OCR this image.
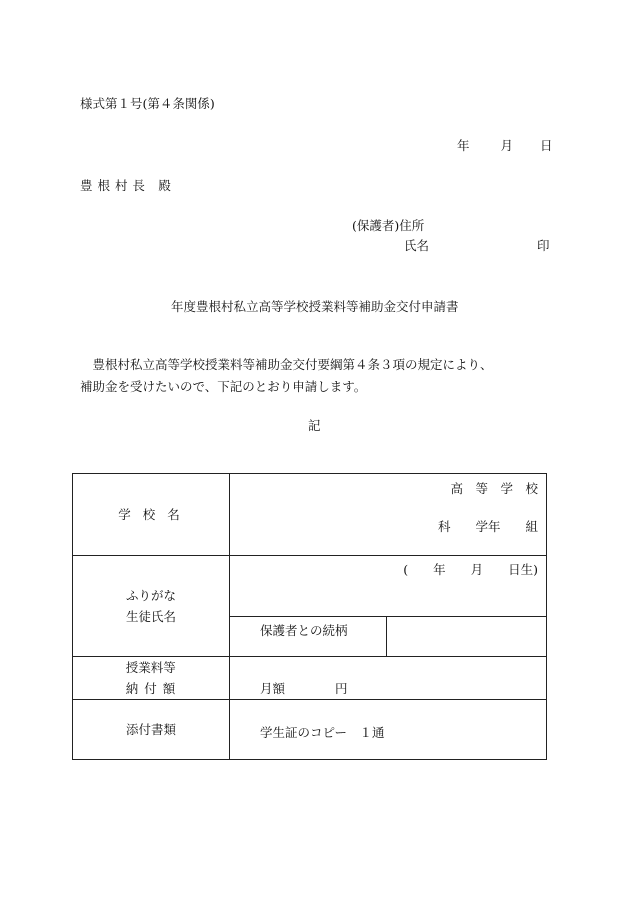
様式第１号(第４条関係)
年 月 日
豊 根 村 長　殿
(保護者)住所
氏名	印
年度豊根村私立高等学校授業料等補助金交付申請書
　豊根村私立高等学校授業料等補助金交付要綱第４条３項の規定により、
補助金を受けたいので、下記のとおり申請します。
記
学 校 名	高　等　学　校
科　　学年　　組	

ふりがな
生徒氏名	(　　年　　月　　日生)	

	保護者との続柄	

授業料等
納 付 額	月額　　　　円	

添付書類	学生証のコピー　１通	
